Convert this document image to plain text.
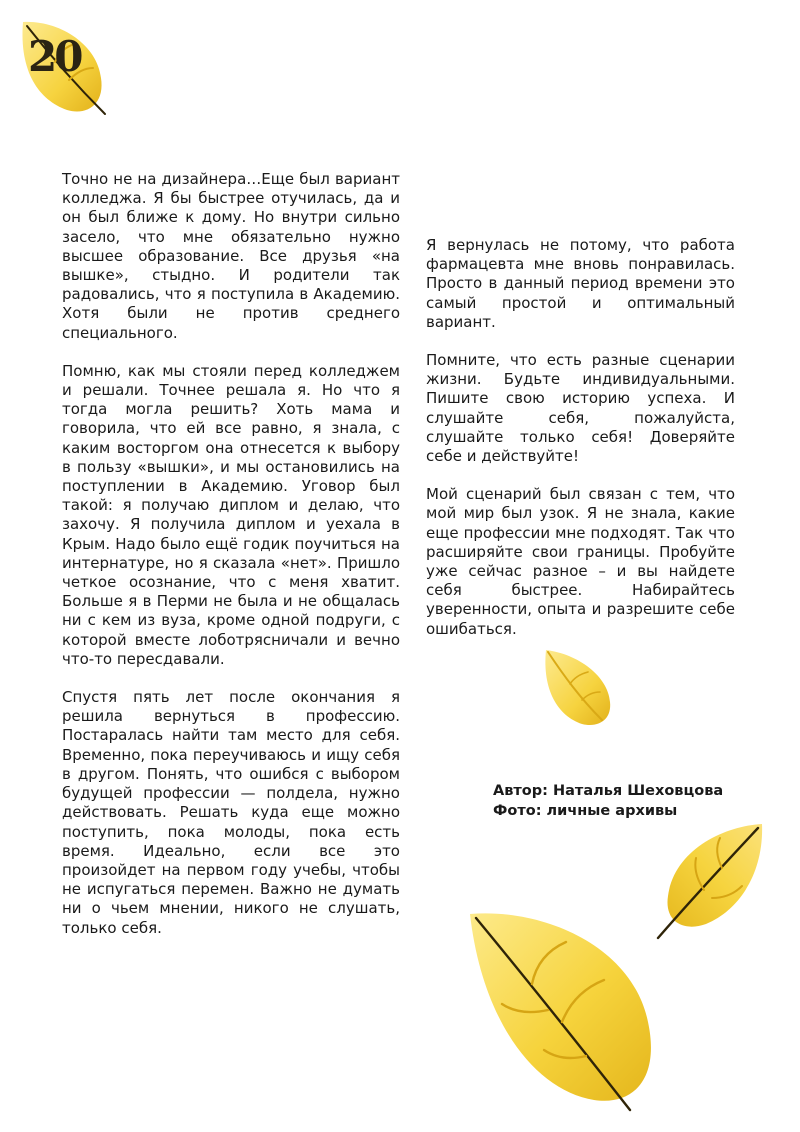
20

Точно не на дизайнера…Еще был вариант колледжа. Я бы быстрее отучилась, да и он был ближе к дому. Но внутри сильно засело, что мне обязательно нужно высшее образование. Все друзья «на вышке», стыдно. И родители так радовались, что я поступила в Академию. Хотя были не против среднего специального.

Помню, как мы стояли перед колледжем и решали. Точнее решала я. Но что я тогда могла решить? Хоть мама и говорила, что ей все равно, я знала, с каким восторгом она отнесется к выбору в пользу «вышки», и мы остановились на поступлении в Академию. Уговор был такой: я получаю диплом и делаю, что захочу. Я получила диплом и уехала в Крым. Надо было ещё годик поучиться на интернатуре, но я сказала «нет». Пришло четкое осознание, что с меня хватит. Больше я в Перми не была и не общалась ни с кем из вуза, кроме одной подруги, с которой вместе лоботрясничали и вечно что-то пересдавали.

Спустя пять лет после окончания я решила вернуться в профессию. Постаралась найти там место для себя. Временно, пока переучиваюсь и ищу себя в другом. Понять, что ошибся с выбором будущей профессии — полдела, нужно действовать. Решать куда еще можно поступить, пока молоды, пока есть время. Идеально, если все это произойдет на первом году учебы, чтобы не испугаться перемен. Важно не думать ни о чьем мнении, никого не слушать, только себя.

Я вернулась не потому, что работа фармацевта мне вновь понравилась. Просто в данный период времени это самый простой и оптимальный вариант.

Помните, что есть разные сценарии жизни. Будьте индивидуальными. Пишите свою историю успеха. И слушайте себя, пожалуйста, слушайте только себя! Доверяйте себе и действуйте!

Мой сценарий был связан с тем, что мой мир был узок. Я не знала, какие еще профессии мне подходят. Так что расширяйте свои границы. Пробуйте уже сейчас разное – и вы найдете себя быстрее. Набирайтесь уверенности, опыта и разрешите себе ошибаться.

Автор: Наталья Шеховцова
Фото: личные архивы
